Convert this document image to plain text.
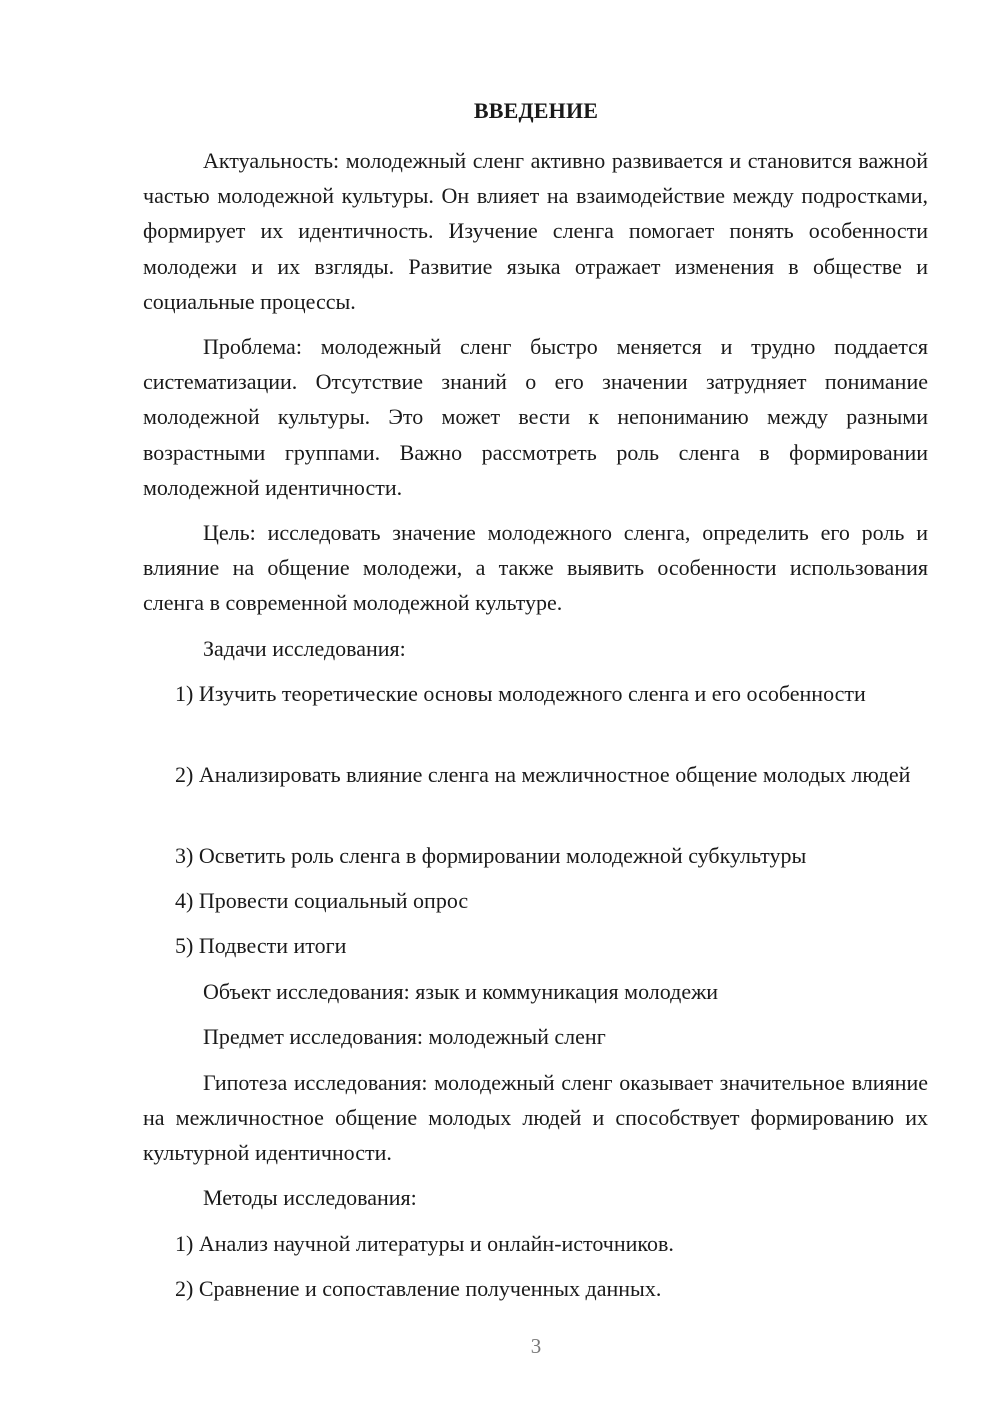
ВВЕДЕНИЕ

Актуальность: молодежный сленг активно развивается и становится важной частью молодежной культуры. Он влияет на взаимодействие между подростками, формирует их идентичность. Изучение сленга помогает понять особенности молодежи и их взгляды. Развитие языка отражает изменения в обществе и социальные процессы.

Проблема: молодежный сленг быстро меняется и трудно поддается систематизации. Отсутствие знаний о его значении затрудняет понимание молодежной культуры. Это может вести к непониманию между разными возрастными группами. Важно рассмотреть роль сленга в формировании молодежной идентичности.

Цель: исследовать значение молодежного сленга, определить его роль и влияние на общение молодежи, а также выявить особенности использования сленга в современной молодежной культуре.

Задачи исследования:

1) Изучить теоретические основы молодежного сленга и его особенности

2) Анализировать влияние сленга на межличностное общение молодых людей

3) Осветить роль сленга в формировании молодежной субкультуры

4) Провести социальный опрос

5) Подвести итоги

Объект исследования: язык и коммуникация молодежи

Предмет исследования: молодежный сленг

Гипотеза исследования: молодежный сленг оказывает значительное влияние на межличностное общение молодых людей и способствует формированию их культурной идентичности.

Методы исследования:

1) Анализ научной литературы и онлайн-источников.

2) Сравнение и сопоставление полученных данных.

3
